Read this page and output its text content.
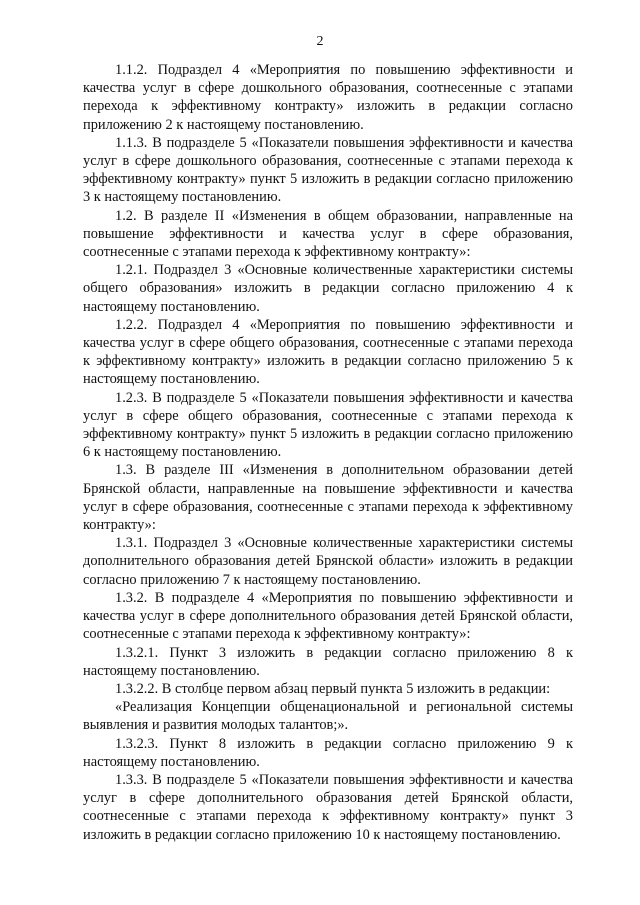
2

1.1.2. Подраздел 4 «Мероприятия по повышению эффективности и качества услуг в сфере дошкольного образования, соотнесенные с этапами перехода к эффективному контракту» изложить в редакции согласно приложению 2 к настоящему постановлению.

1.1.3. В подразделе 5 «Показатели повышения эффективности и качества услуг в сфере дошкольного образования, соотнесенные с этапами перехода к эффективному контракту» пункт 5 изложить в редакции согласно приложению 3 к настоящему постановлению.

1.2. В разделе II «Изменения в общем образовании, направленные на повышение эффективности и качества услуг в сфере образования, соотнесенные с этапами перехода к эффективному контракту»:

1.2.1. Подраздел 3 «Основные количественные характеристики системы общего образования» изложить в редакции согласно приложению 4 к настоящему постановлению.

1.2.2. Подраздел 4 «Мероприятия по повышению эффективности и качества услуг в сфере общего образования, соотнесенные с этапами перехода к эффективному контракту» изложить в редакции согласно приложению 5 к настоящему постановлению.

1.2.3. В подразделе 5 «Показатели повышения эффективности и качества услуг в сфере общего образования, соотнесенные с этапами перехода к эффективному контракту» пункт 5 изложить в редакции согласно приложению 6 к настоящему постановлению.

1.3. В разделе III «Изменения в дополнительном образовании детей Брянской области, направленные на повышение эффективности и качества услуг в сфере образования, соотнесенные с этапами перехода к эффективному контракту»:

1.3.1. Подраздел 3 «Основные количественные характеристики системы дополнительного образования детей Брянской области» изложить в редакции согласно приложению 7 к настоящему постановлению.

1.3.2. В подразделе 4 «Мероприятия по повышению эффективности и качества услуг в сфере дополнительного образования детей Брянской области, соотнесенные с этапами перехода к эффективному контракту»:

1.3.2.1. Пункт 3 изложить в редакции согласно приложению 8 к настоящему постановлению.

1.3.2.2. В столбце первом абзац первый пункта 5 изложить в редакции:

«Реализация Концепции общенациональной и региональной системы выявления и развития молодых талантов;».

1.3.2.3. Пункт 8 изложить в редакции согласно приложению 9 к настоящему постановлению.

1.3.3. В подразделе 5 «Показатели повышения эффективности и качества услуг в сфере дополнительного образования детей Брянской области, соотнесенные с этапами перехода к эффективному контракту» пункт 3 изложить в редакции согласно приложению 10 к настоящему постановлению.
